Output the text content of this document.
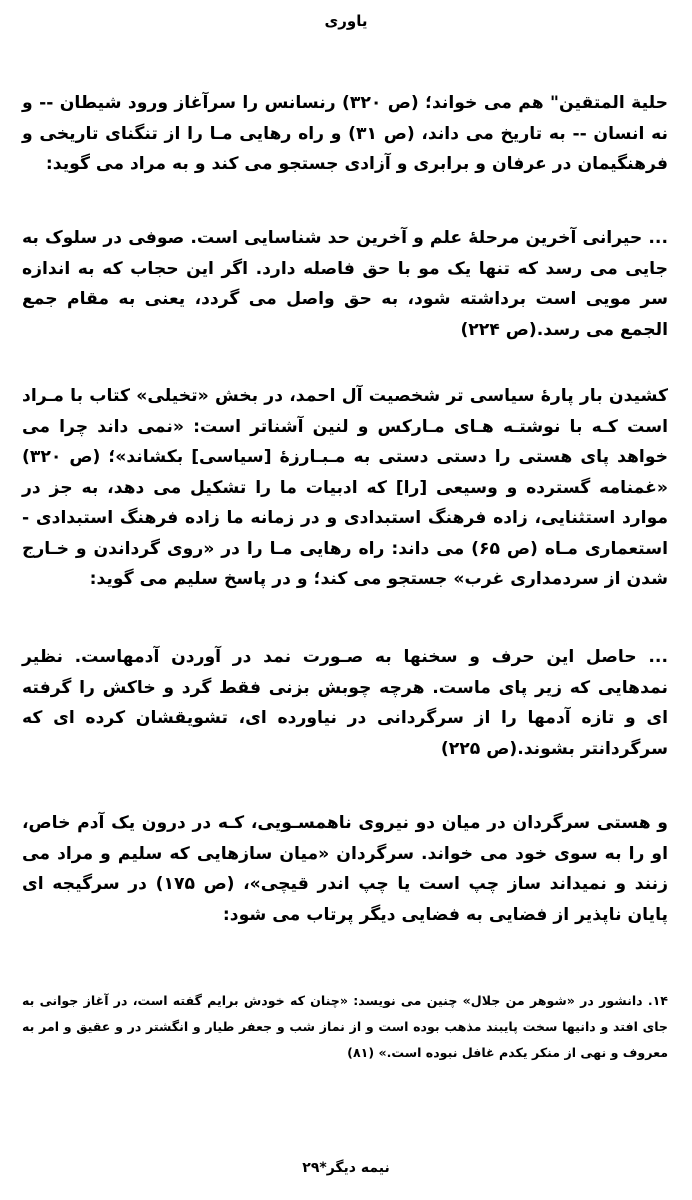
یاوری

حلیة المتقین" هم می خواند؛ (ص ۳۲۰) رنسانس را سرآغاز ورود شیطان -- و نه انسان -- به تاریخ می داند، (ص ۳۱) و راه رهایی مـا را از تنگنای تاریخی و فرهنگیمان در عرفان و برابری و آزادی جستجو می کند و به مراد می گوید:

... حیرانی آخرین مرحلهٔ علم و آخرین حد شناسایی است. صوفی در سلوک به جایی می رسد که تنها یک مو با حق فاصله دارد. اگر این حجاب که به اندازه سر مویی است برداشته شود، به حق واصل می گردد، یعنی به مقام جمع الجمع می رسد.(ص ۲۲۴)

کشیدن بار پارهٔ سیاسی تر شخصیت آل احمد، در بخش «تخیلی» کتاب با مـراد است کـه با نوشتـه هـای مـارکس و لنین آشناتر است: «نمی داند چرا می خواهد پای هستی را دستی دستی به مـبـارزهٔ [سیاسی] بکشاند»؛ (ص ۳۲۰) «غمنامه گسترده و وسیعی [را] که ادبیات ما را تشکیل می دهد، به جز در موارد استثنایی، زاده فرهنگ استبدادی و در زمانه ما زاده فرهنگ استبدادی - استعماری مـاه (ص ۶۵) می داند: راه رهایی مـا را در «روی گرداندن و خـارج شدن از سردمداری غرب» جستجو می کند؛ و در پاسخ سلیم می گوید:

... حاصل این حرف و سخنها به صـورت نمد در آوردن آدمهاست. نظیر نمدهایی که زیر پای ماست. هرچه چوبش بزنی فقط گرد و خاکش را گرفته ای و تازه آدمها را از سرگردانی در نیاورده ای، تشویقشان کرده ای که سرگردانتر بشوند.(ص ۲۲۵)

و هستی سرگردان در میان دو نیروی ناهمسـویی، کـه در درون یک آدم خاص، او را به سوی خود می خواند. سرگردان «میان سازهایی که سلیم و مراد می زنند و نمیداند ساز چپ است یا چپ اندر قیچی»، (ص ۱۷۵) در سرگیجه ای پایان ناپذیر از فضایی به فضایی دیگر پرتاب می شود:

۱۴. دانشور در «شوهر من جلال» چنین می نویسد: «چنان که خودش برایم گفته است، در آغاز جوانی به جای افتد و دانیها سخت پایبند مذهب بوده است و از نماز شب و جعفر طیار و انگشتر در و عقیق و امر به معروف و نهی از منکر یکدم غافل نبوده است.» (۸۱)

نیمه دیگر*۲۹
